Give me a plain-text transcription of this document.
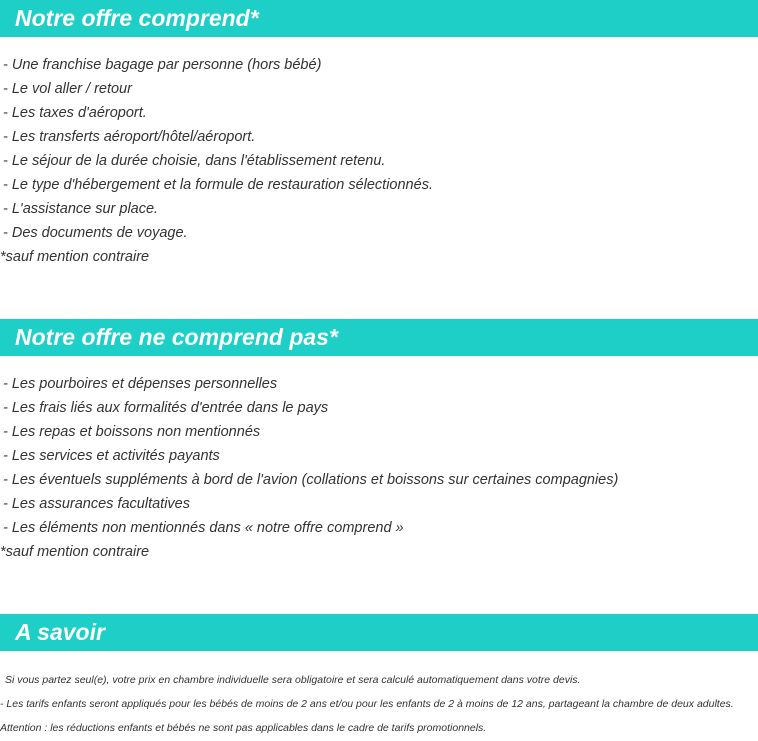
Notre offre comprend*
- Une franchise bagage par personne (hors bébé)
- Le vol aller / retour
- Les taxes d'aéroport.
- Les transferts aéroport/hôtel/aéroport.
- Le séjour de la durée choisie, dans l'établissement retenu.
- Le type d'hébergement et la formule de restauration sélectionnés.
- L'assistance sur place.
- Des documents de voyage.
*sauf mention contraire
Notre offre ne comprend pas*
- Les pourboires et dépenses personnelles
- Les frais liés aux formalités d'entrée dans le pays
- Les repas et boissons non mentionnés
- Les services et activités payants
- Les éventuels suppléments à bord de l'avion (collations et boissons sur certaines compagnies)
- Les assurances facultatives
- Les éléments non mentionnés dans « notre offre comprend »
*sauf mention contraire
A savoir
Si vous partez seul(e), votre prix en chambre individuelle sera obligatoire et sera calculé automatiquement dans votre devis.
- Les tarifs enfants seront appliqués pour les bébés de moins de 2 ans et/ou pour les enfants de 2 à moins de 12 ans, partageant la chambre de deux adultes.
Attention : les réductions enfants et bébés ne sont pas applicables dans le cadre de tarifs promotionnels.
